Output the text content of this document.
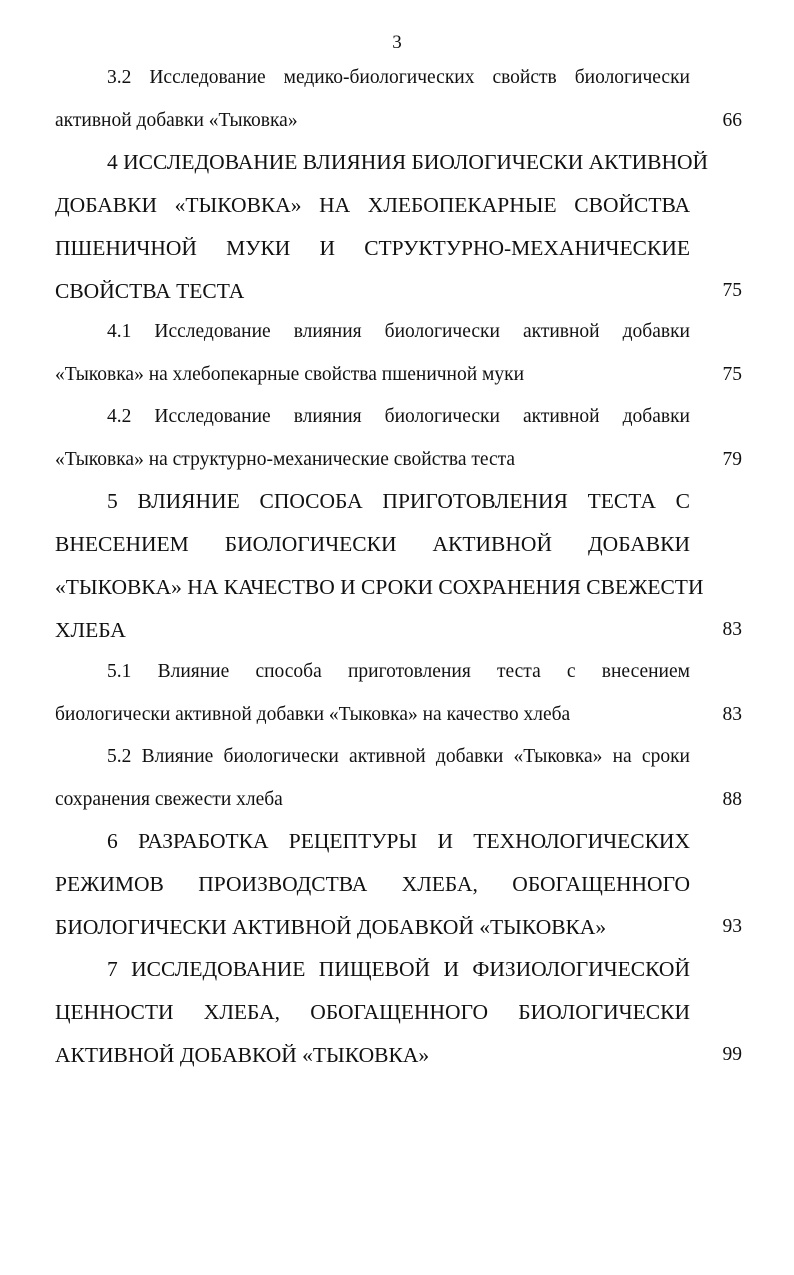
3
3.2 Исследование медико-биологических свойств биологически
активной добавки «Тыковка»	66
4 ИССЛЕДОВАНИЕ ВЛИЯНИЯ БИОЛОГИЧЕСКИ АКТИВНОЙ
ДОБАВКИ «ТЫКОВКА» НА ХЛЕБОПЕКАРНЫЕ СВОЙСТВА
ПШЕНИЧНОЙ МУКИ И СТРУКТУРНО-МЕХАНИЧЕСКИЕ
СВОЙСТВА ТЕСТА	75
4.1 Исследование влияния биологически активной добавки
«Тыковка» на хлебопекарные свойства пшеничной муки	75
4.2 Исследование влияния биологически активной добавки
«Тыковка» на структурно-механические свойства теста	79
5 ВЛИЯНИЕ СПОСОБА ПРИГОТОВЛЕНИЯ ТЕСТА С
ВНЕСЕНИЕМ БИОЛОГИЧЕСКИ АКТИВНОЙ ДОБАВКИ
«ТЫКОВКА» НА КАЧЕСТВО И СРОКИ СОХРАНЕНИЯ СВЕЖЕСТИ
ХЛЕБА	83
5.1 Влияние способа приготовления теста с внесением
биологически активной добавки «Тыковка» на качество хлеба	83
5.2 Влияние биологически активной добавки «Тыковка» на сроки
сохранения свежести хлеба	88
6 РАЗРАБОТКА РЕЦЕПТУРЫ И ТЕХНОЛОГИЧЕСКИХ
РЕЖИМОВ ПРОИЗВОДСТВА ХЛЕБА, ОБОГАЩЕННОГО
БИОЛОГИЧЕСКИ АКТИВНОЙ ДОБАВКОЙ «ТЫКОВКА»	93
7 ИССЛЕДОВАНИЕ ПИЩЕВОЙ И ФИЗИОЛОГИЧЕСКОЙ
ЦЕННОСТИ ХЛЕБА, ОБОГАЩЕННОГО БИОЛОГИЧЕСКИ
АКТИВНОЙ ДОБАВКОЙ «ТЫКОВКА»	99
